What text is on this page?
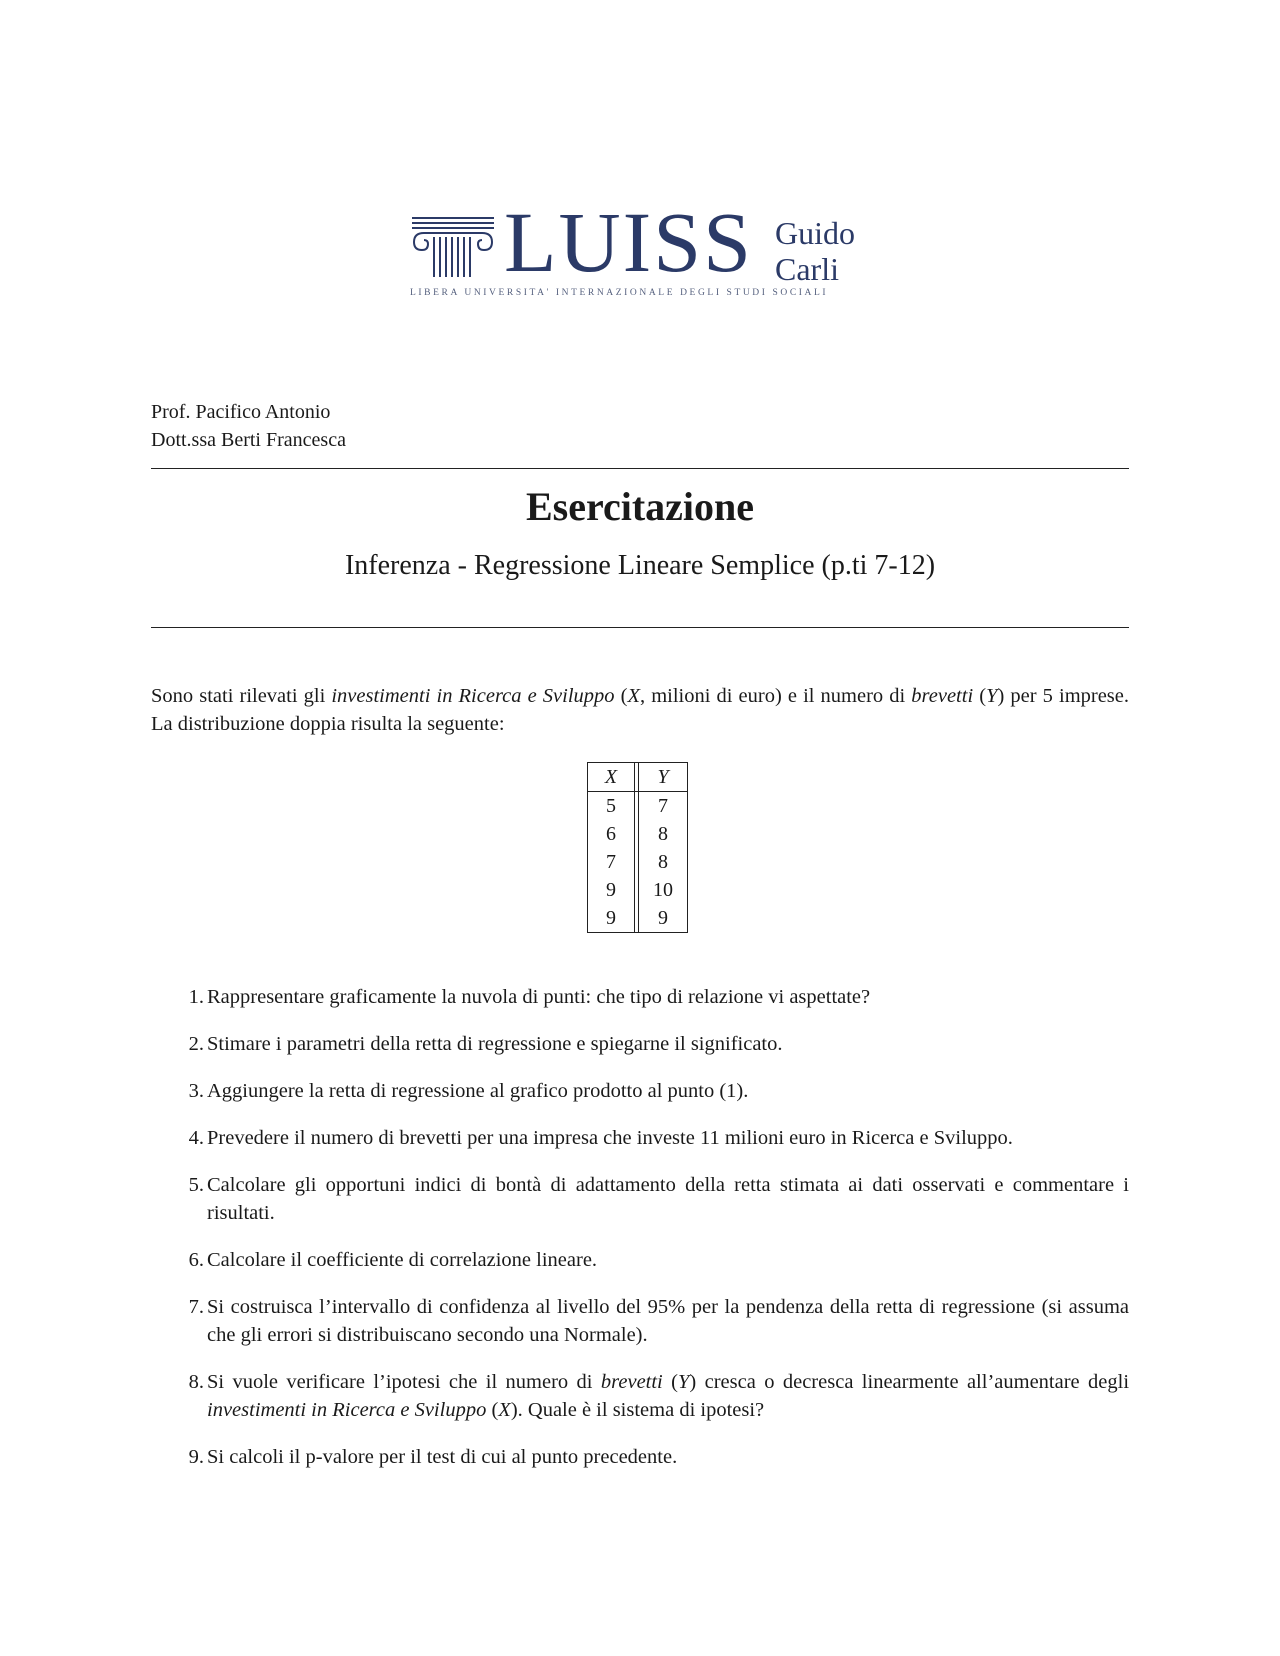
LUISS Guido
Carli
LIBERA UNIVERSITA' INTERNAZIONALE DEGLI STUDI SOCIALI
Prof. Pacifico Antonio
Dott.ssa Berti Francesca
Esercitazione
Inferenza - Regressione Lineare Semplice (p.ti 7-12)
Sono stati rilevati gli investimenti in Ricerca e Sviluppo (X, milioni di euro) e il numero di brevetti (Y) per 5 imprese. La distribuzione doppia risulta la seguente:
X		Y
5		7
6		8
7		8
9		10
9		9
1. Rappresentare graficamente la nuvola di punti: che tipo di relazione vi aspettate?
2. Stimare i parametri della retta di regressione e spiegarne il significato.
3. Aggiungere la retta di regressione al grafico prodotto al punto (1).
4. Prevedere il numero di brevetti per una impresa che investe 11 milioni euro in Ricerca e Sviluppo.
5. Calcolare gli opportuni indici di bontà di adattamento della retta stimata ai dati osservati e commentare i risultati.
6. Calcolare il coefficiente di correlazione lineare.
7. Si costruisca l’intervallo di confidenza al livello del 95% per la pendenza della retta di regressione (si assuma che gli errori si distribuiscano secondo una Normale).
8. Si vuole verificare l’ipotesi che il numero di brevetti (Y) cresca o decresca linearmente all’aumentare degli investimenti in Ricerca e Sviluppo (X). Quale è il sistema di ipotesi?
9. Si calcoli il p-valore per il test di cui al punto precedente.
